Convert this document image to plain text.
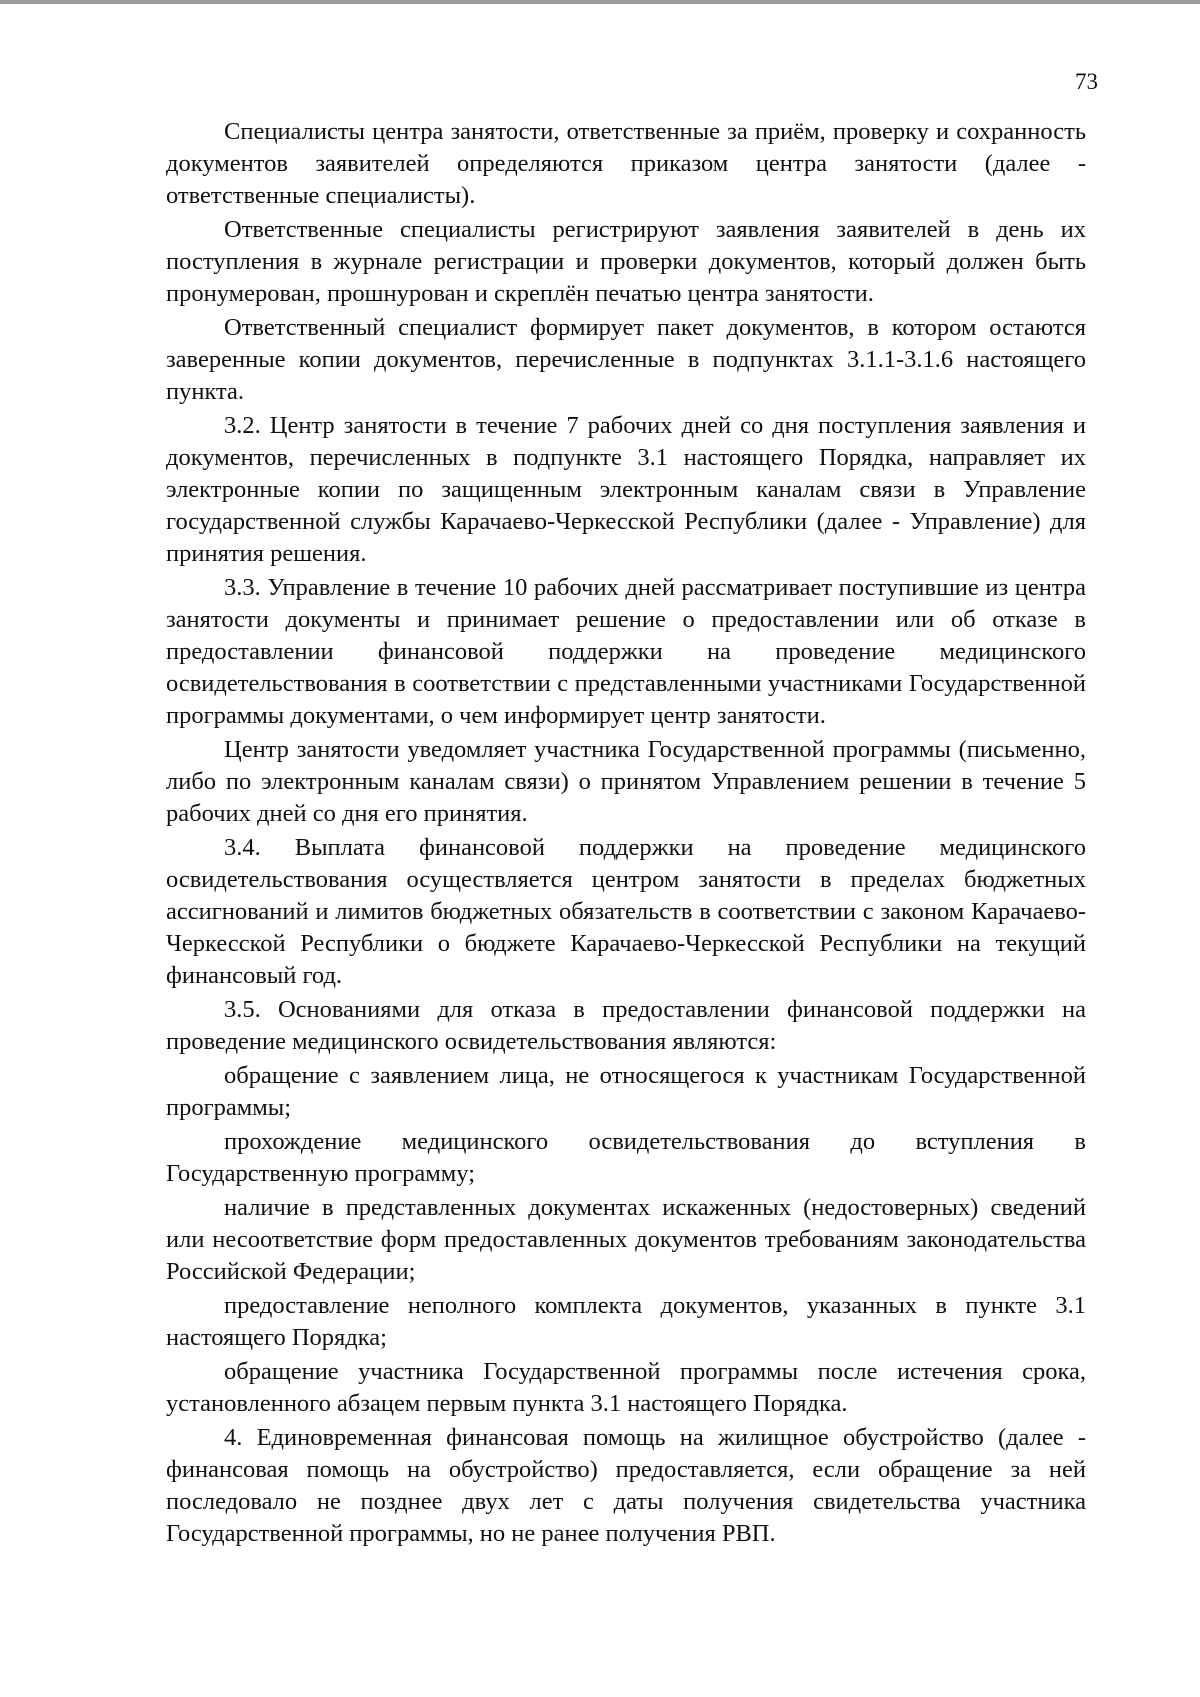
73

Специалисты центра занятости, ответственные за приём, проверку и сохранность документов заявителей определяются приказом центра занятости (далее - ответственные специалисты).

Ответственные специалисты регистрируют заявления заявителей в день их поступления в журнале регистрации и проверки документов, который должен быть пронумерован, прошнурован и скреплён печатью центра занятости.

Ответственный специалист формирует пакет документов, в котором остаются заверенные копии документов, перечисленные в подпунктах 3.1.1-3.1.6 настоящего пункта.

3.2. Центр занятости в течение 7 рабочих дней со дня поступления заявления и документов, перечисленных в подпункте 3.1 настоящего Порядка, направляет их электронные копии по защищенным электронным каналам связи в Управление государственной службы Карачаево-Черкесской Республики (далее - Управление) для принятия решения.

3.3. Управление в течение 10 рабочих дней рассматривает поступившие из центра занятости документы и принимает решение о предоставлении или об отказе в предоставлении финансовой поддержки на проведение медицинского освидетельствования в соответствии с представленными участниками Государственной программы документами, о чем информирует центр занятости.

Центр занятости уведомляет участника Государственной программы (письменно, либо по электронным каналам связи) о принятом Управлением решении в течение 5 рабочих дней со дня его принятия.

3.4. Выплата финансовой поддержки на проведение медицинского освидетельствования осуществляется центром занятости в пределах бюджетных ассигнований и лимитов бюджетных обязательств в соответствии с законом Карачаево-Черкесской Республики о бюджете Карачаево-Черкесской Республики на текущий финансовый год.

3.5. Основаниями для отказа в предоставлении финансовой поддержки на проведение медицинского освидетельствования являются:

обращение с заявлением лица, не относящегося к участникам Государственной программы;

прохождение медицинского освидетельствования до вступления в Государственную программу;

наличие в представленных документах искаженных (недостоверных) сведений или несоответствие форм предоставленных документов требованиям законодательства Российской Федерации;

предоставление неполного комплекта документов, указанных в пункте 3.1 настоящего Порядка;

обращение участника Государственной программы после истечения срока, установленного абзацем первым пункта 3.1 настоящего Порядка.

4. Единовременная финансовая помощь на жилищное обустройство (далее - финансовая помощь на обустройство) предоставляется, если обращение за ней последовало не позднее двух лет с даты получения свидетельства участника Государственной программы, но не ранее получения РВП.
